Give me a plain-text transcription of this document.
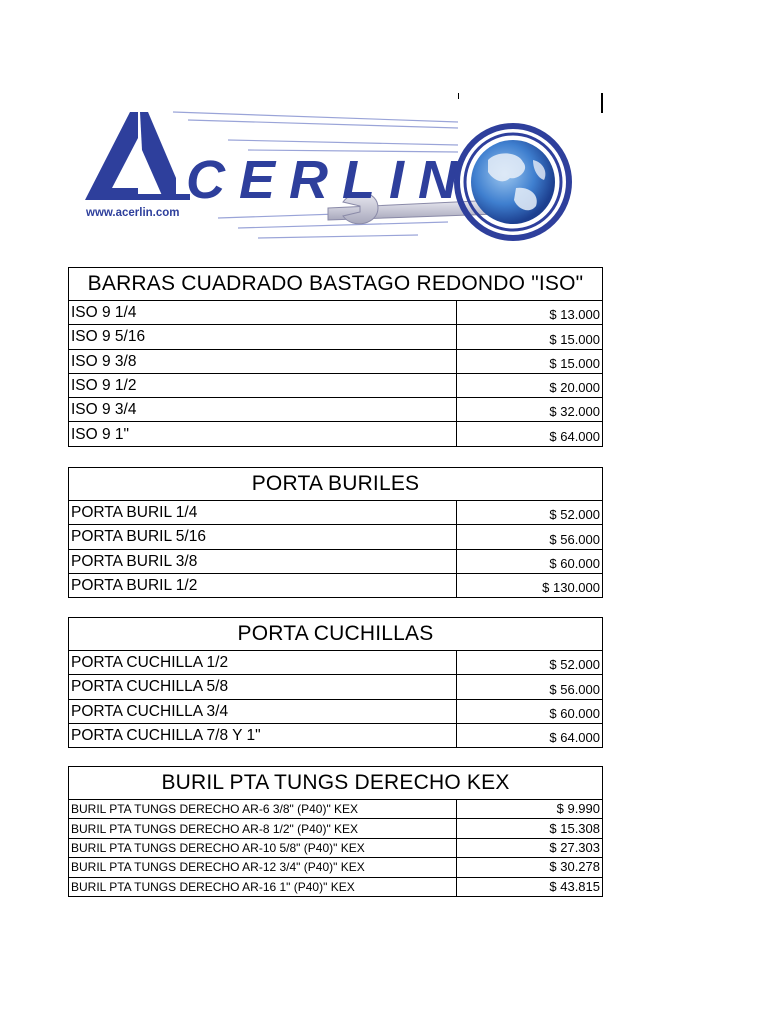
CERLIN
www.acerlin.com
BARRAS CUADRADO BASTAGO REDONDO "ISO"
ISO 9 1/4	$ 13.000
ISO 9 5/16	$ 15.000
ISO 9 3/8	$ 15.000
ISO 9 1/2	$ 20.000
ISO 9 3/4	$ 32.000
ISO 9 1"	$ 64.000
PORTA BURILES
PORTA BURIL 1/4	$ 52.000
PORTA BURIL 5/16	$ 56.000
PORTA BURIL 3/8	$ 60.000
PORTA BURIL 1/2	$ 130.000
PORTA CUCHILLAS
PORTA CUCHILLA 1/2	$ 52.000
PORTA CUCHILLA 5/8	$ 56.000
PORTA CUCHILLA 3/4	$ 60.000
PORTA CUCHILLA 7/8 Y 1"	$ 64.000
BURIL PTA TUNGS DERECHO KEX
BURIL PTA TUNGS DERECHO AR-6 3/8" (P40)" KEX	$ 9.990
BURIL PTA TUNGS DERECHO AR-8 1/2" (P40)" KEX	$ 15.308
BURIL PTA TUNGS DERECHO AR-10 5/8" (P40)" KEX	$ 27.303
BURIL PTA TUNGS DERECHO AR-12 3/4" (P40)" KEX	$ 30.278
BURIL PTA TUNGS DERECHO AR-16 1" (P40)" KEX	$ 43.815
